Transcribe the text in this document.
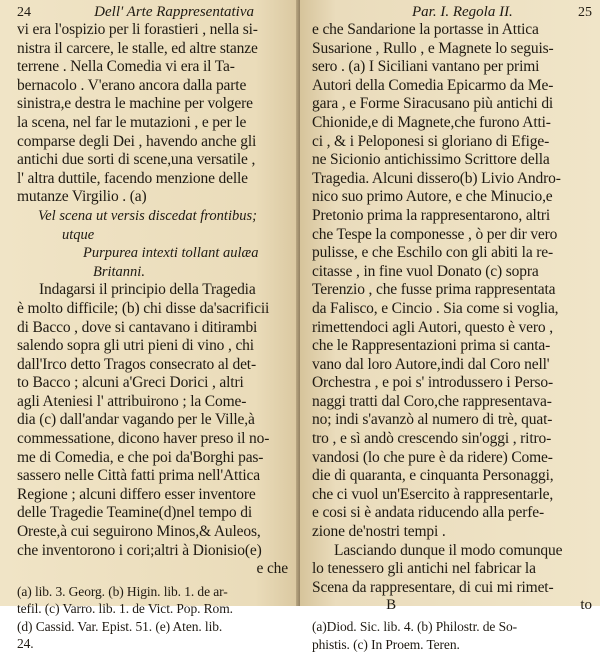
24	Dell' Arte Rappresentativa
vi era l'ospizio per li forastieri , nella si-
nistra il carcere, le stalle, ed altre stanze
terrene . Nella Comedia vi era il Ta-
bernacolo . V'erano ancora dalla parte
sinistra,e destra le machine per volgere
la scena, nel far le mutazioni , e per le
comparse degli Dei , havendo anche gli
antichi due sorti di scene,una versatile ,
l' altra duttile, facendo menzione delle
mutanze Virgilio . (a)
Vel scena ut versis discedat frontibus;
utque
Purpurea intexti tollant aulæa
Britanni.
Indagarsi il principio della Tragedia
è molto difficile; (b) chi disse da'sacrificii
di Bacco , dove si cantavano i ditirambi
salendo sopra gli utri pieni di vino , chi
dall'Irco detto Tragos consecrato al det-
to Bacco ; alcuni a'Greci Dorici , altri
agli Ateniesi l' attribuirono ; la Come-
dia (c) dall'andar vagando per le Ville,à
commessatione, dicono haver preso il no-
me di Comedia, e che poi da'Borghi pas-
sassero nelle Città fatti prima nell'Attica
Regione ; alcuni differo esser inventore
delle Tragedie Teamine(d)nel tempo di
Oreste,à cui seguirono Minos,& Auleos,
che inventorono i cori;altri à Dionisio(e)
e che
(a) lib. 3. Georg. (b) Higin. lib. 1. de ar-
tefil. (c) Varro. lib. 1. de Vict. Pop. Rom.
(d) Cassid. Var. Epist. 51. (e) Aten. lib.
24.
Par. I. Regola II.	25
e che Sandarione la portasse in Attica
Susarione , Rullo , e Magnete lo seguis-
sero . (a) I Siciliani vantano per primi
Autori della Comedia Epicarmo da Me-
gara , e Forme Siracusano più antichi di
Chionide,e di Magnete,che furono Atti-
ci , & i Peloponesi si gloriano di Efige-
ne Sicionio antichissimo Scrittore della
Tragedia. Alcuni dissero(b) Livio Andro-
nico suo primo Autore, e che Minucio,e
Pretonio prima la rappresentarono, altri
che Tespe la componesse , ò per dir vero
pulisse, e che Eschilo con gli abiti la re-
citasse , in fine vuol Donato (c) sopra
Terenzio , che fusse prima rappresentata
da Falisco, e Cincio . Sia come si voglia,
rimettendoci agli Autori, questo è vero ,
che le Rappresentazioni prima si canta-
vano dal loro Autore,indi dal Coro nell'
Orchestra , e poi s' introdussero i Perso-
naggi tratti dal Coro,che rappresentava-
no; indi s'avanzò al numero di trè, quat-
tro , e sì andò crescendo sin'oggi , ritro-
vandosi (lo che pure è da ridere) Come-
die di quaranta, e cinquanta Personaggi,
che ci vuol un'Esercito à rappresentarle,
e cosi si è andata riducendo alla perfe-
zione de'nostri tempi .
Lasciando dunque il modo comunque
lo tenessero gli antichi nel fabricar la
Scena da rappresentare, di cui mi rimet-
B	to
(a)Diod. Sic. lib. 4. (b) Philostr. de So-
phistis. (c) In Proem. Teren.
